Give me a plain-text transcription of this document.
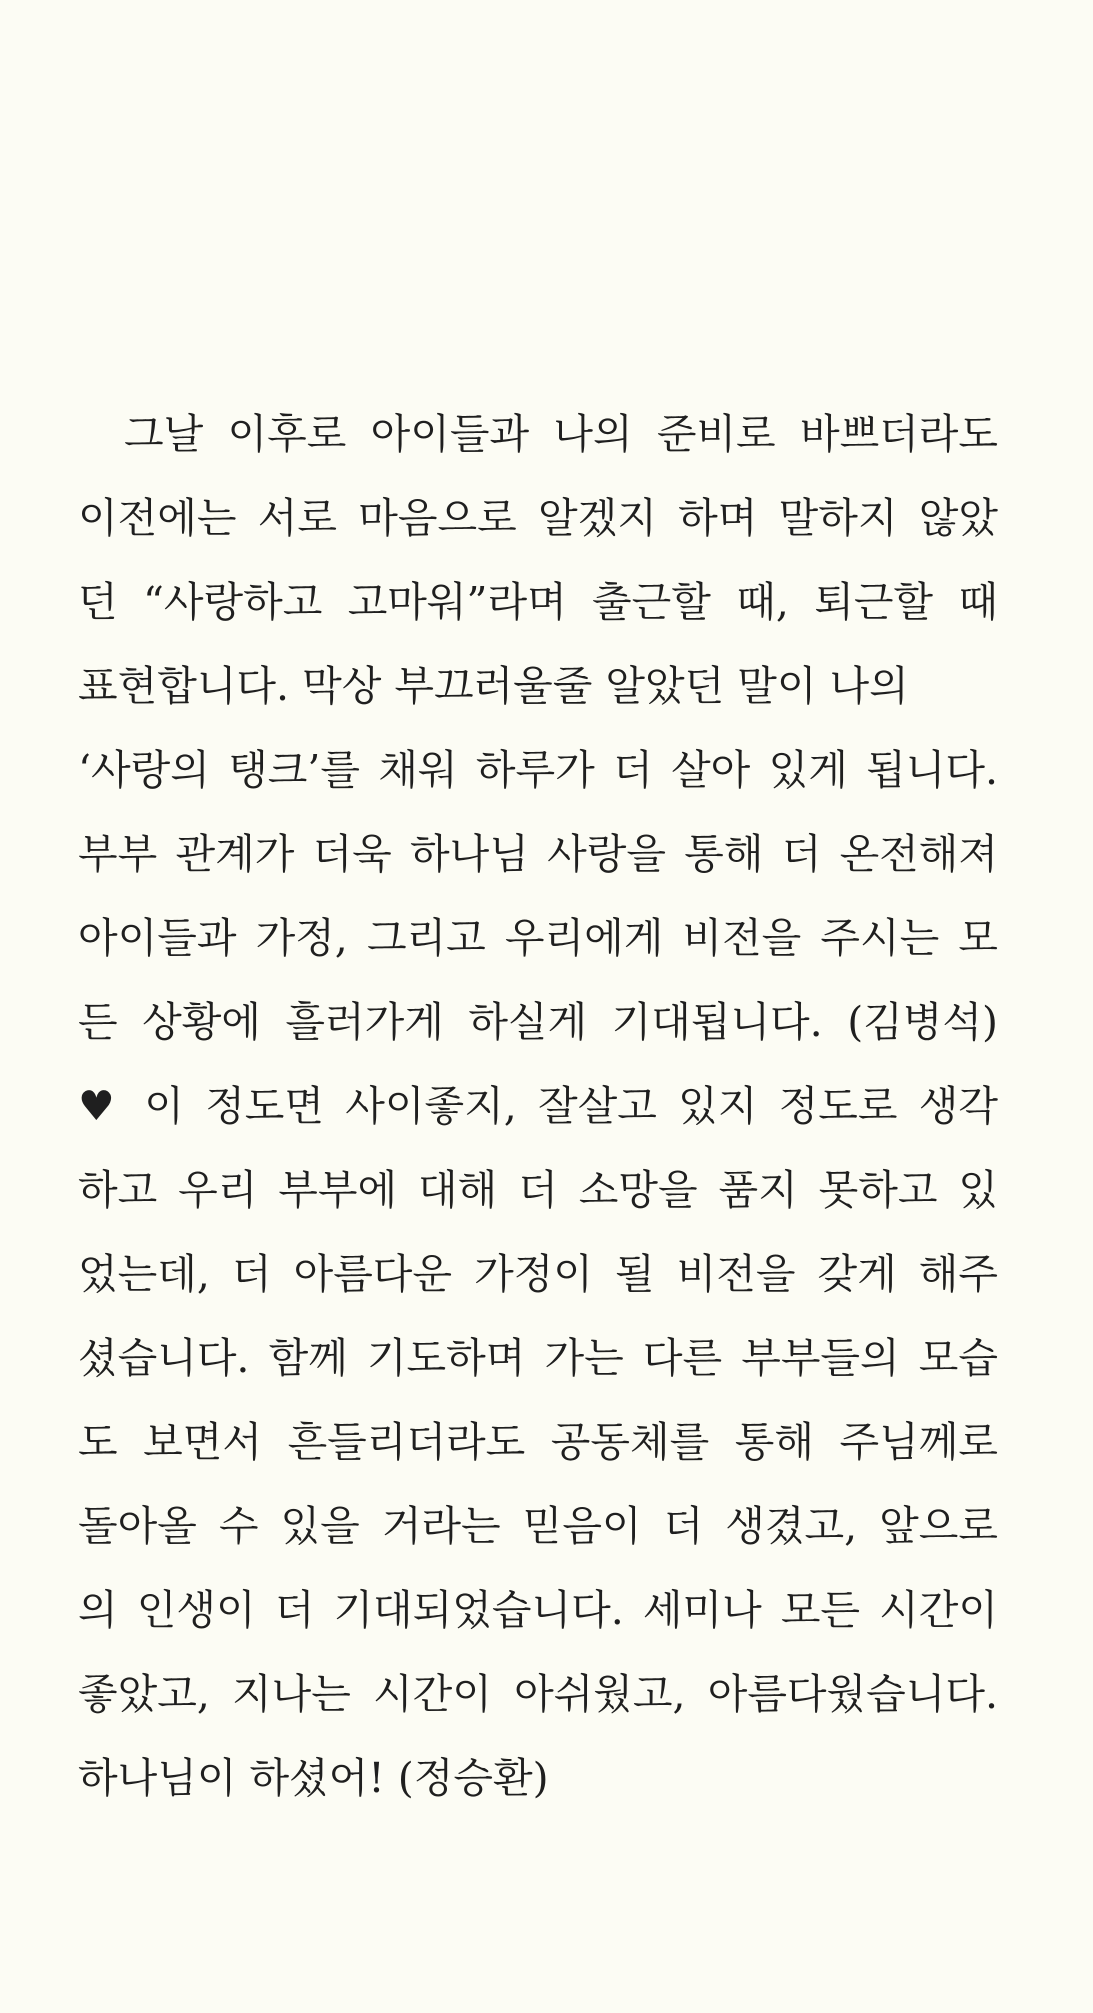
그날 이후로 아이들과 나의 준비로 바쁘더라도
이전에는 서로 마음으로 알겠지 하며 말하지 않았
던 “사랑하고 고마워”라며 출근할 때, 퇴근할 때
표현합니다. 막상 부끄러울줄 알았던 말이 나의
‘사랑의 탱크’를 채워 하루가 더 살아 있게 됩니다.
부부 관계가 더욱 하나님 사랑을 통해 더 온전해져
아이들과 가정, 그리고 우리에게 비전을 주시는 모
든 상황에 흘러가게 하실게 기대됩니다. (김병석)
♥ 이 정도면 사이좋지, 잘살고 있지 정도로 생각
하고 우리 부부에 대해 더 소망을 품지 못하고 있
었는데, 더 아름다운 가정이 될 비전을 갖게 해주
셨습니다. 함께 기도하며 가는 다른 부부들의 모습
도 보면서 흔들리더라도 공동체를 통해 주님께로
돌아올 수 있을 거라는 믿음이 더 생겼고, 앞으로
의 인생이 더 기대되었습니다. 세미나 모든 시간이
좋았고, 지나는 시간이 아쉬웠고, 아름다웠습니다.
하나님이 하셨어! (정승환)
